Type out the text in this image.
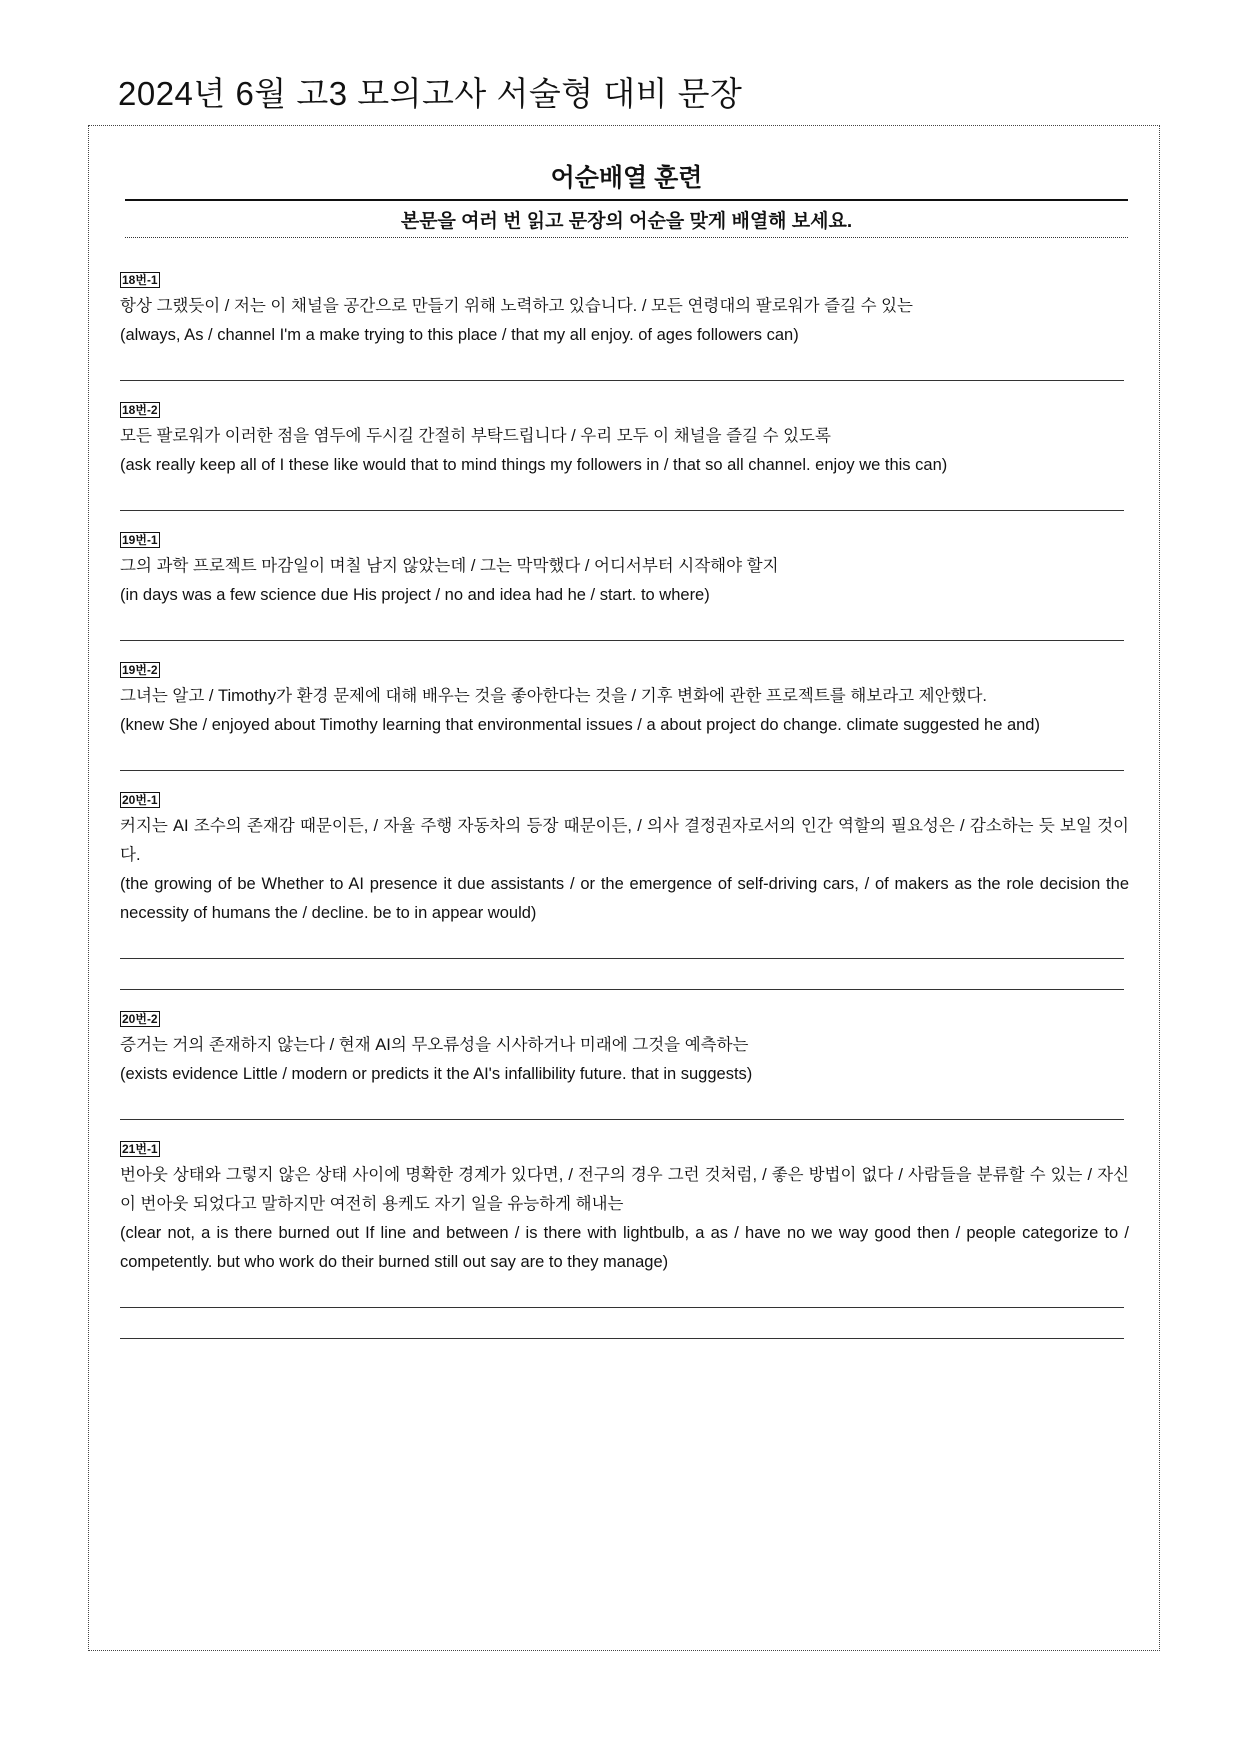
2024년 6월 고3 모의고사 서술형 대비 문장
어순배열 훈련
본문을 여러 번 읽고 문장의 어순을 맞게 배열해 보세요.
18번-1
항상 그랬듯이 / 저는 이 채널을 공간으로 만들기 위해 노력하고 있습니다. / 모든 연령대의 팔로워가 즐길 수 있는
(always, As / channel I'm a make trying to this place / that my all enjoy. of ages followers can)
18번-2
모든 팔로워가 이러한 점을 염두에 두시길 간절히 부탁드립니다 / 우리 모두 이 채널을 즐길 수 있도록
(ask really keep all of I these like would that to mind things my followers in / that so all channel. enjoy we this can)
19번-1
그의 과학 프로젝트 마감일이 며칠 남지 않았는데 / 그는 막막했다 / 어디서부터 시작해야 할지
(in days was a few science due His project / no and idea had he / start. to where)
19번-2
그녀는 알고 / Timothy가 환경 문제에 대해 배우는 것을 좋아한다는 것을 / 기후 변화에 관한 프로젝트를 해보라고 제안했다.
(knew She / enjoyed about Timothy learning that environmental issues / a about project do change. climate suggested he and)
20번-1
커지는 AI 조수의 존재감 때문이든, / 자율 주행 자동차의 등장 때문이든, / 의사 결정권자로서의 인간 역할의 필요성은 / 감소하는 듯 보일 것이다.
(the growing of be Whether to AI presence it due assistants / or the emergence of self-driving cars, / of makers as the role decision the necessity of humans the / decline. be to in appear would)
20번-2
증거는 거의 존재하지 않는다 / 현재 AI의 무오류성을 시사하거나 미래에 그것을 예측하는
(exists evidence Little / modern or predicts it the AI's infallibility future. that in suggests)
21번-1
번아웃 상태와 그렇지 않은 상태 사이에 명확한 경계가 있다면, / 전구의 경우 그런 것처럼, / 좋은 방법이 없다 / 사람들을 분류할 수 있는 / 자신이 번아웃 되었다고 말하지만 여전히 용케도 자기 일을 유능하게 해내는
(clear not, a is there burned out If line and between / is there with lightbulb, a as / have no we way good then / people categorize to / competently. but who work do their burned still out say are to they manage)
